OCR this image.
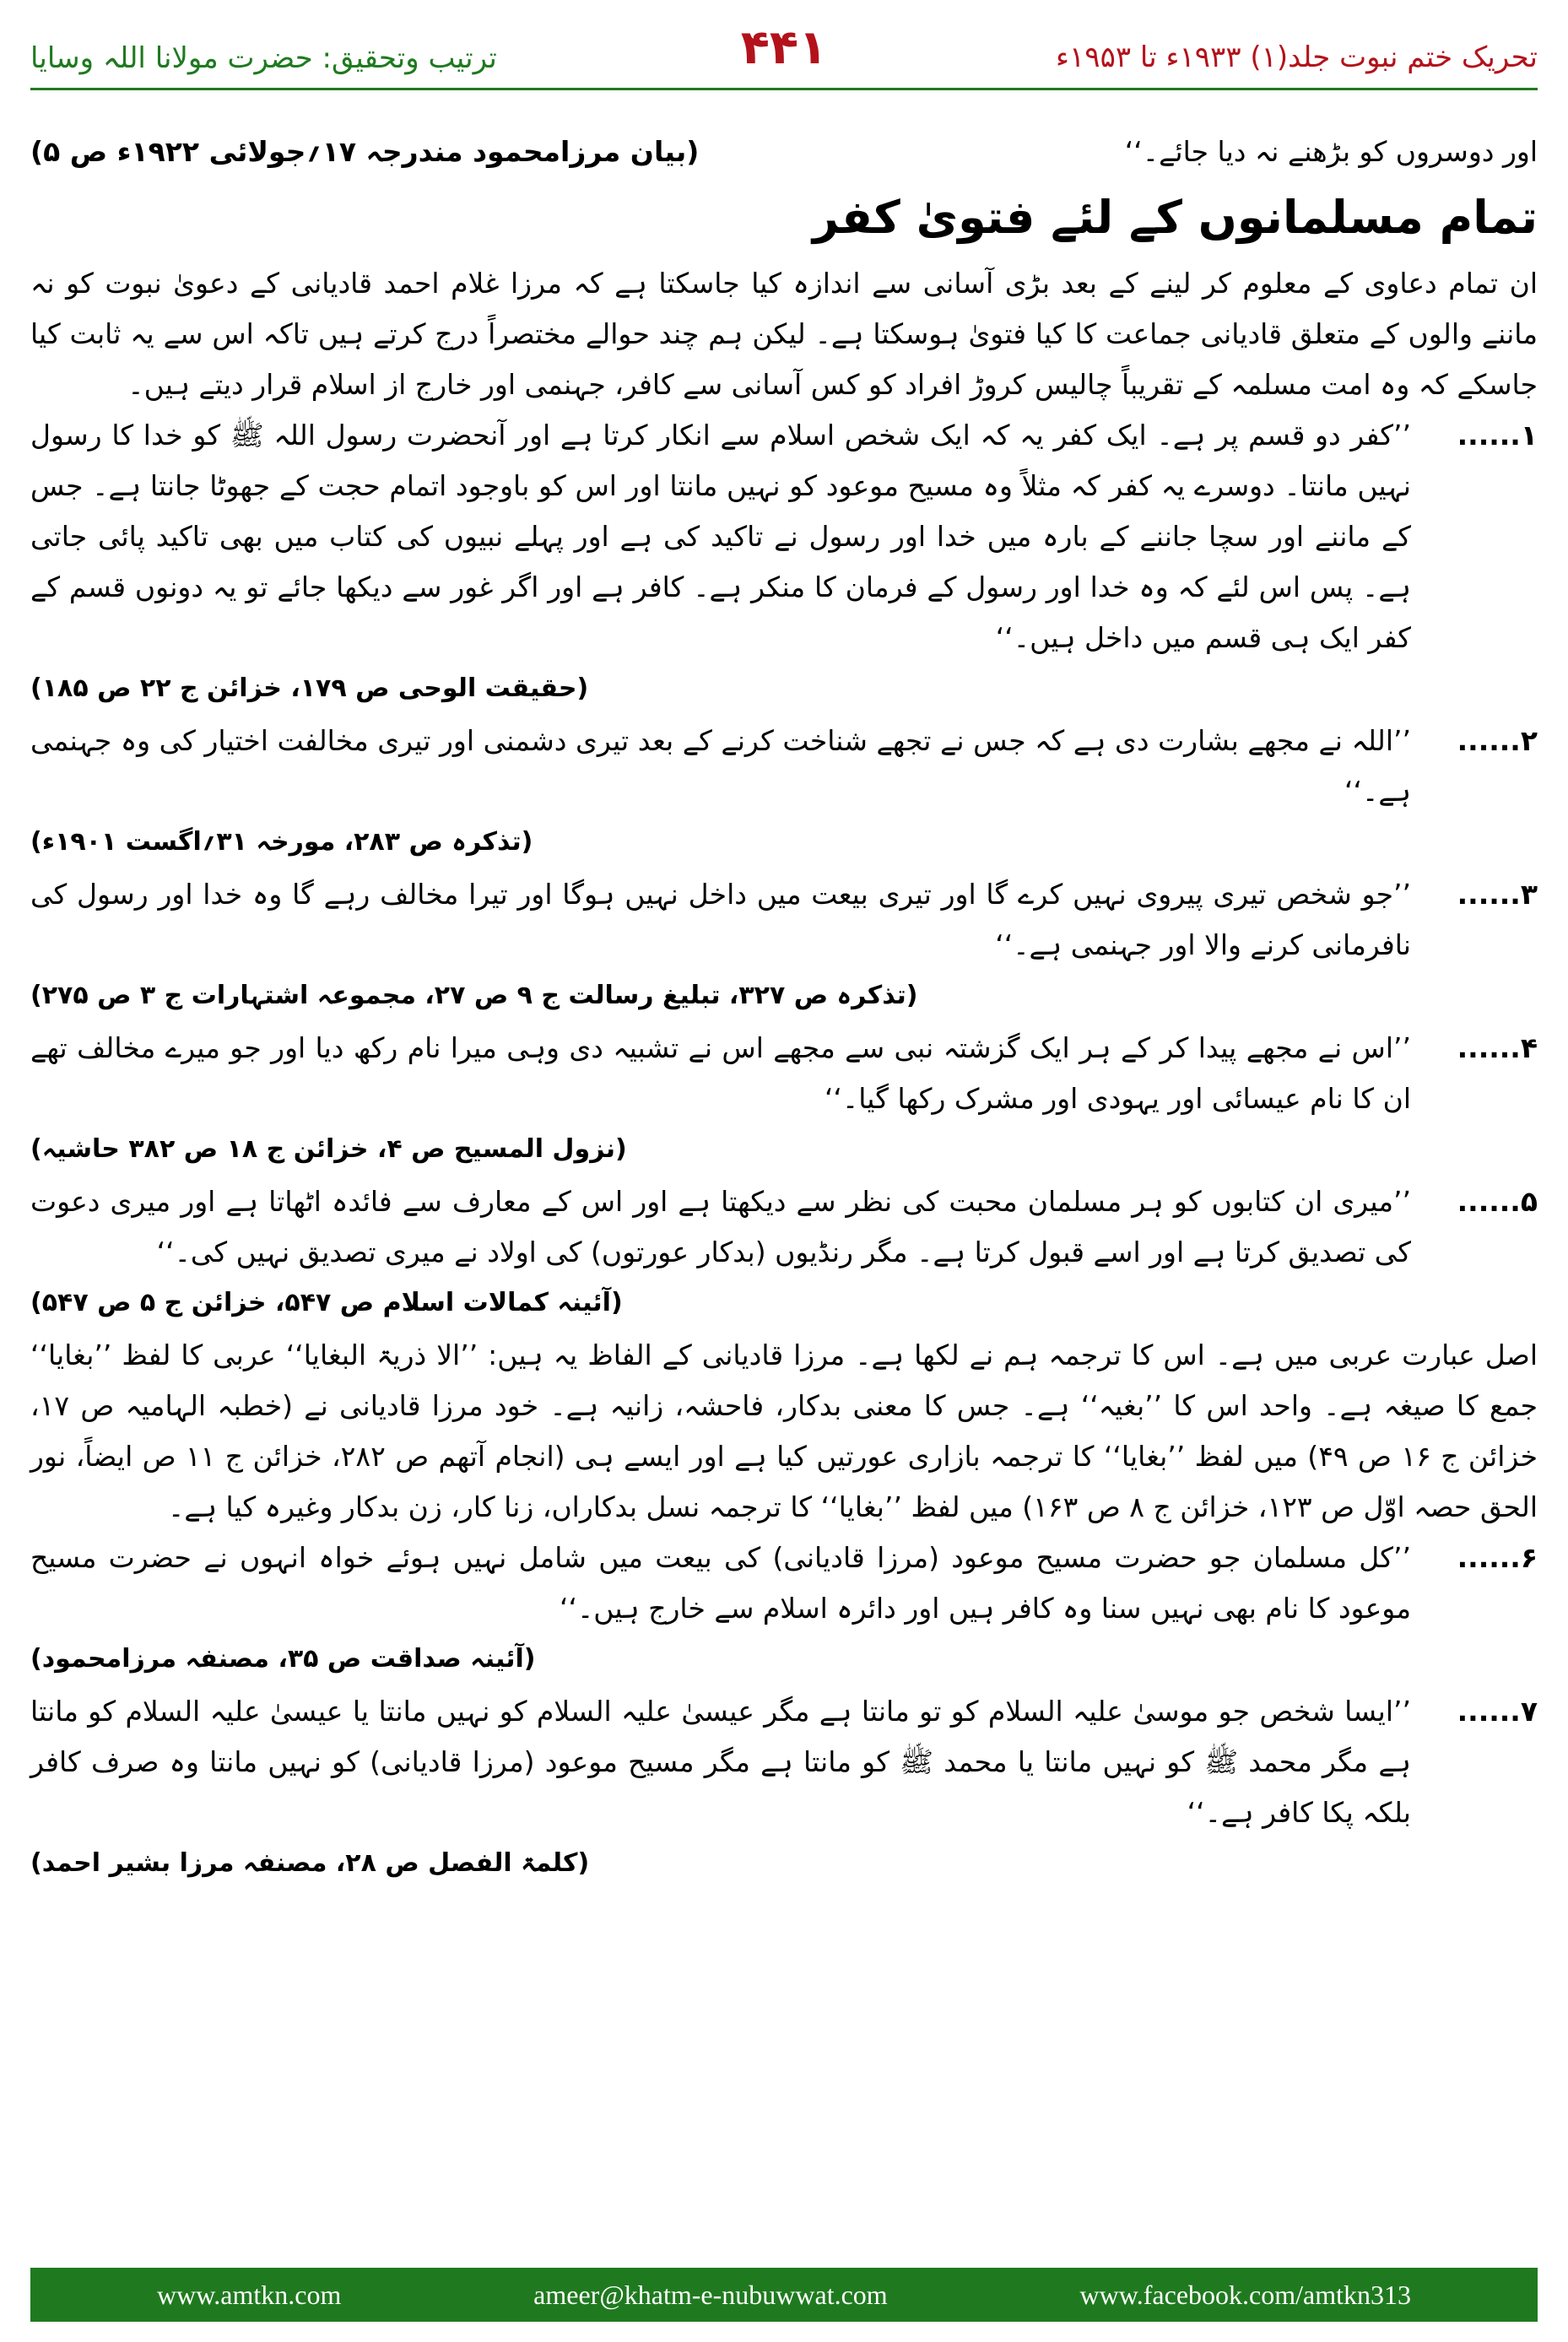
ترتیب وتحقیق: حضرت مولانا اللہ وسایا	۴۴۱	تحریک ختم نبوت جلد(۱) ۱۹۳۳ء تا ۱۹۵۳ء
اور دوسروں کو بڑھنے نہ دیا جائے۔‘‘
(بیان مرزامحمود مندرجہ ۱۷؍جولائی ۱۹۲۲ء ص ۵)
تمام مسلمانوں کے لئے فتویٰ کفر

ان تمام دعاوی کے معلوم کر لینے کے بعد بڑی آسانی سے اندازہ کیا جاسکتا ہے کہ مرزا غلام احمد قادیانی کے دعویٰ نبوت کو نہ ماننے والوں کے متعلق قادیانی جماعت کا کیا فتویٰ ہوسکتا ہے۔ لیکن ہم چند حوالے مختصراً درج کرتے ہیں تاکہ اس سے یہ ثابت کیا جاسکے کہ وہ امت مسلمہ کے تقریباً چالیس کروڑ افراد کو کس آسانی سے کافر، جہنمی اور خارج از اسلام قرار دیتے ہیں۔

۱......

’’کفر دو قسم پر ہے۔ ایک کفر یہ کہ ایک شخص اسلام سے انکار کرتا ہے اور آنحضرت رسول اللہ ﷺ کو خدا کا رسول نہیں مانتا۔ دوسرے یہ کفر کہ مثلاً وہ مسیح موعود کو نہیں مانتا اور اس کو باوجود اتمام حجت کے جھوٹا جانتا ہے۔ جس کے ماننے اور سچا جاننے کے بارہ میں خدا اور رسول نے تاکید کی ہے اور پہلے نبیوں کی کتاب میں بھی تاکید پائی جاتی ہے۔ پس اس لئے کہ وہ خدا اور رسول کے فرمان کا منکر ہے۔ کافر ہے اور اگر غور سے دیکھا جائے تو یہ دونوں قسم کے کفر ایک ہی قسم میں داخل ہیں۔‘‘

(حقیقت الوحی ص ۱۷۹، خزائن ج ۲۲ ص ۱۸۵)
۲......

’’اللہ نے مجھے بشارت دی ہے کہ جس نے تجھے شناخت کرنے کے بعد تیری دشمنی اور تیری مخالفت اختیار کی وہ جہنمی ہے۔‘‘

(تذکرہ ص ۲۸۳، مورخہ ۳۱؍اگست ۱۹۰۱ء)
۳......

’’جو شخص تیری پیروی نہیں کرے گا اور تیری بیعت میں داخل نہیں ہوگا اور تیرا مخالف رہے گا وہ خدا اور رسول کی نافرمانی کرنے والا اور جہنمی ہے۔‘‘

(تذکرہ ص ۳۲۷، تبلیغ رسالت ج ۹ ص ۲۷، مجموعہ اشتہارات ج ۳ ص ۲۷۵)
۴......

’’اس نے مجھے پیدا کر کے ہر ایک گزشتہ نبی سے مجھے اس نے تشبیہ دی وہی میرا نام رکھ دیا اور جو میرے مخالف تھے ان کا نام عیسائی اور یہودی اور مشرک رکھا گیا۔‘‘

(نزول المسیح ص ۴، خزائن ج ۱۸ ص ۳۸۲ حاشیہ)
۵......

’’میری ان کتابوں کو ہر مسلمان محبت کی نظر سے دیکھتا ہے اور اس کے معارف سے فائدہ اٹھاتا ہے اور میری دعوت کی تصدیق کرتا ہے اور اسے قبول کرتا ہے۔ مگر رنڈیوں (بدکار عورتوں) کی اولاد نے میری تصدیق نہیں کی۔‘‘

(آئینہ کمالات اسلام ص ۵۴۷، خزائن ج ۵ ص ۵۴۷)

اصل عبارت عربی میں ہے۔ اس کا ترجمہ ہم نے لکھا ہے۔ مرزا قادیانی کے الفاظ یہ ہیں: ’’الا ذریۃ البغایا‘‘ عربی کا لفظ ’’بغایا‘‘ جمع کا صیغہ ہے۔ واحد اس کا ’’بغیہ‘‘ ہے۔ جس کا معنی بدکار، فاحشہ، زانیہ ہے۔ خود مرزا قادیانی نے (خطبہ الہامیہ ص ۱۷، خزائن ج ۱۶ ص ۴۹) میں لفظ ’’بغایا‘‘ کا ترجمہ بازاری عورتیں کیا ہے اور ایسے ہی (انجام آتھم ص ۲۸۲، خزائن ج ۱۱ ص ایضاً، نور الحق حصہ اوّل ص ۱۲۳، خزائن ج ۸ ص ۱۶۳) میں لفظ ’’بغایا‘‘ کا ترجمہ نسل بدکاراں، زنا کار، زن بدکار وغیرہ کیا ہے۔

۶......

’’کل مسلمان جو حضرت مسیح موعود (مرزا قادیانی) کی بیعت میں شامل نہیں ہوئے خواہ انہوں نے حضرت مسیح موعود کا نام بھی نہیں سنا وہ کافر ہیں اور دائرہ اسلام سے خارج ہیں۔‘‘

(آئینہ صداقت ص ۳۵، مصنفہ مرزامحمود)
۷......

’’ایسا شخص جو موسیٰ علیہ السلام کو تو مانتا ہے مگر عیسیٰ علیہ السلام کو نہیں مانتا یا عیسیٰ علیہ السلام کو مانتا ہے مگر محمد ﷺ کو نہیں مانتا یا محمد ﷺ کو مانتا ہے مگر مسیح موعود (مرزا قادیانی) کو نہیں مانتا وہ صرف کافر بلکہ پکا کافر ہے۔‘‘

(کلمۃ الفصل ص ۲۸، مصنفہ مرزا بشیر احمد)
www.amtkn.com	ameer@khatm-e-nubuwwat.com	www.facebook.com/amtkn313
